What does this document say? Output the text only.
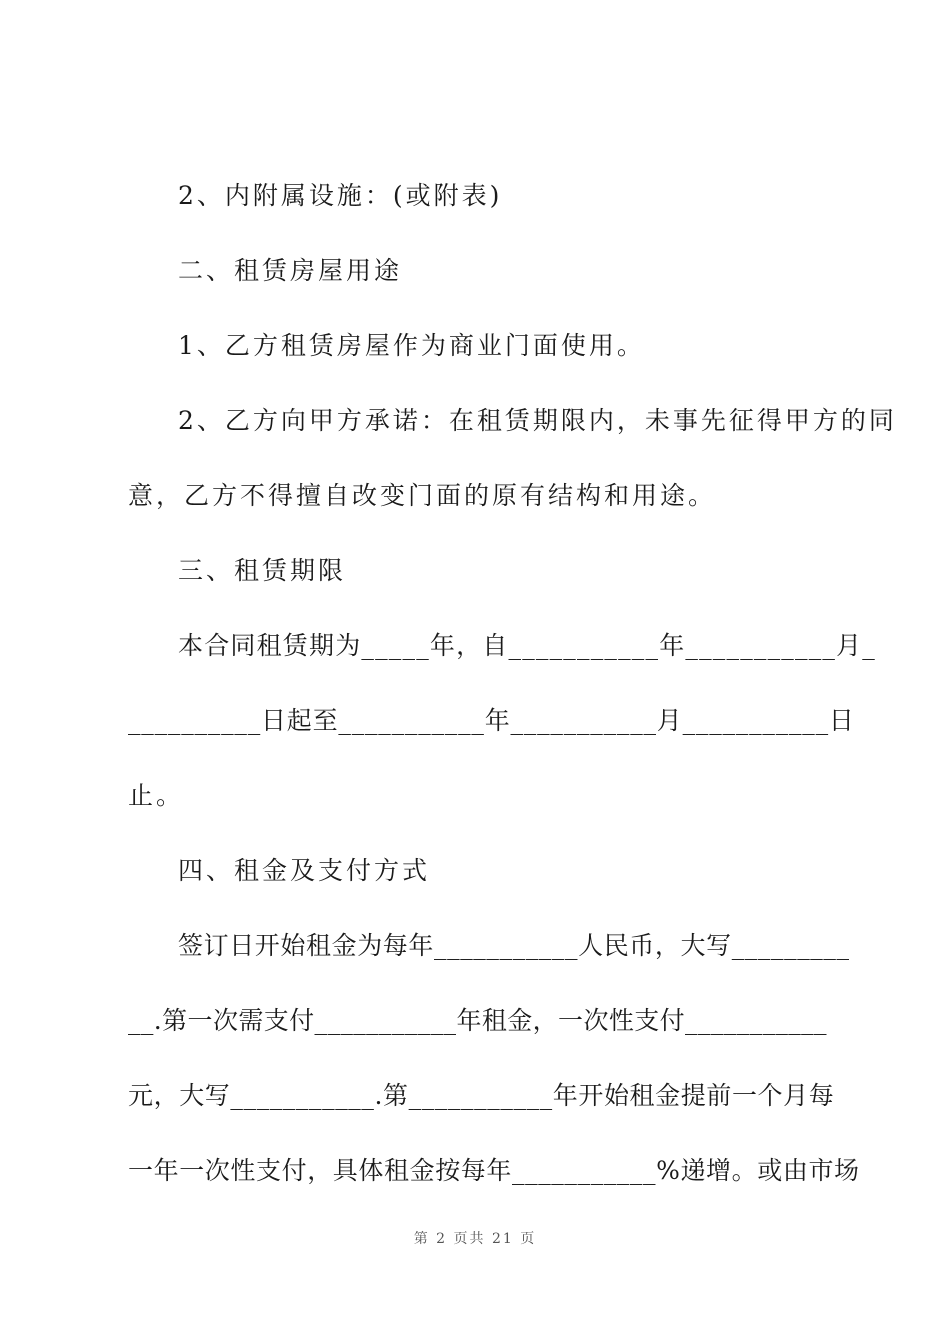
2、内附属设施：(或附表)
二、租赁房屋用途
1、乙方租赁房屋作为商业门面使用。
2、乙方向甲方承诺：在租赁期限内，未事先征得甲方的同
意，乙方不得擅自改变门面的原有结构和用途。
三、租赁期限
本合同租赁期为_____年，自___________年___________月_
__________日起至___________年___________月___________日
止。
四、租金及支付方式
签订日开始租金为每年___________人民币，大写_________
__.第一次需支付___________年租金，一次性支付___________
元，大写___________.第___________年开始租金提前一个月每
一年一次性支付，具体租金按每年___________%递增。或由市场
第 2 页共 21 页
